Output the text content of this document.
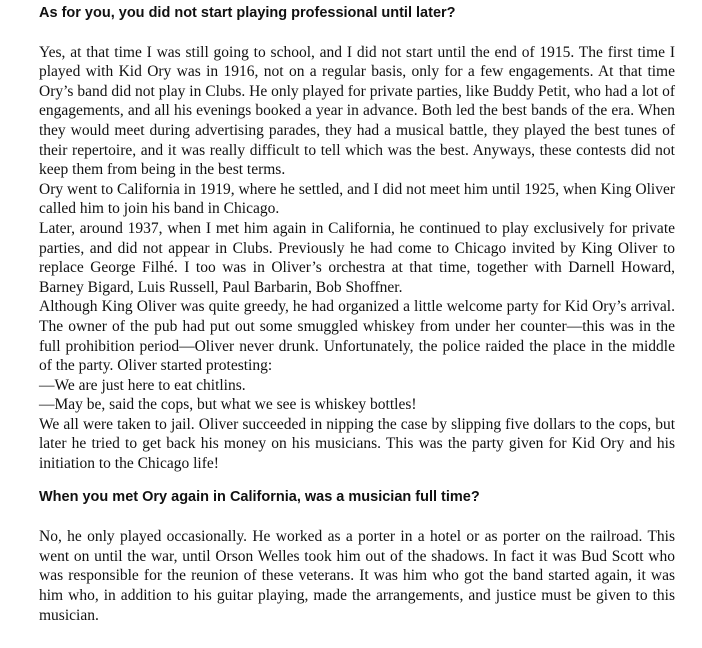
As for you, you did not start playing professional until later?

Yes, at that time I was still going to school, and I did not start until the end of 1915. The first time I played with Kid Ory was in 1916, not on a regular basis, only for a few engagements. At that time Ory’s band did not play in Clubs. He only played for private parties, like Buddy Petit, who had a lot of engagements, and all his evenings booked a year in advance. Both led the best bands of the era. When they would meet during advertising parades, they had a musical battle, they played the best tunes of their repertoire, and it was really difficult to tell which was the best. Anyways, these contests did not keep them from being in the best terms.

Ory went to California in 1919, where he settled, and I did not meet him until 1925, when King Oliver called him to join his band in Chicago.

Later, around 1937, when I met him again in California, he continued to play exclusively for private parties, and did not appear in Clubs. Previously he had come to Chicago invited by King Oliver to replace George Filhé. I too was in Oliver’s orchestra at that time, together with Darnell Howard, Barney Bigard, Luis Russell, Paul Barbarin, Bob Shoffner.

Although King Oliver was quite greedy, he had organized a little welcome party for Kid Ory’s arrival. The owner of the pub had put out some smuggled whiskey from under her counter—this was in the full prohibition period—Oliver never drunk. Unfortunately, the police raided the place in the middle of the party. Oliver started protesting:

—We are just here to eat chitlins.

—May be, said the cops, but what we see is whiskey bottles!

We all were taken to jail. Oliver succeeded in nipping the case by slipping five dollars to the cops, but later he tried to get back his money on his musicians. This was the party given for Kid Ory and his initiation to the Chicago life!

When you met Ory again in California, was a musician full time?

No, he only played occasionally. He worked as a porter in a hotel or as porter on the railroad. This went on until the war, until Orson Welles took him out of the shadows. In fact it was Bud Scott who was responsible for the reunion of these veterans. It was him who got the band started again, it was him who, in addition to his guitar playing, made the arrangements, and justice must be given to this musician.
